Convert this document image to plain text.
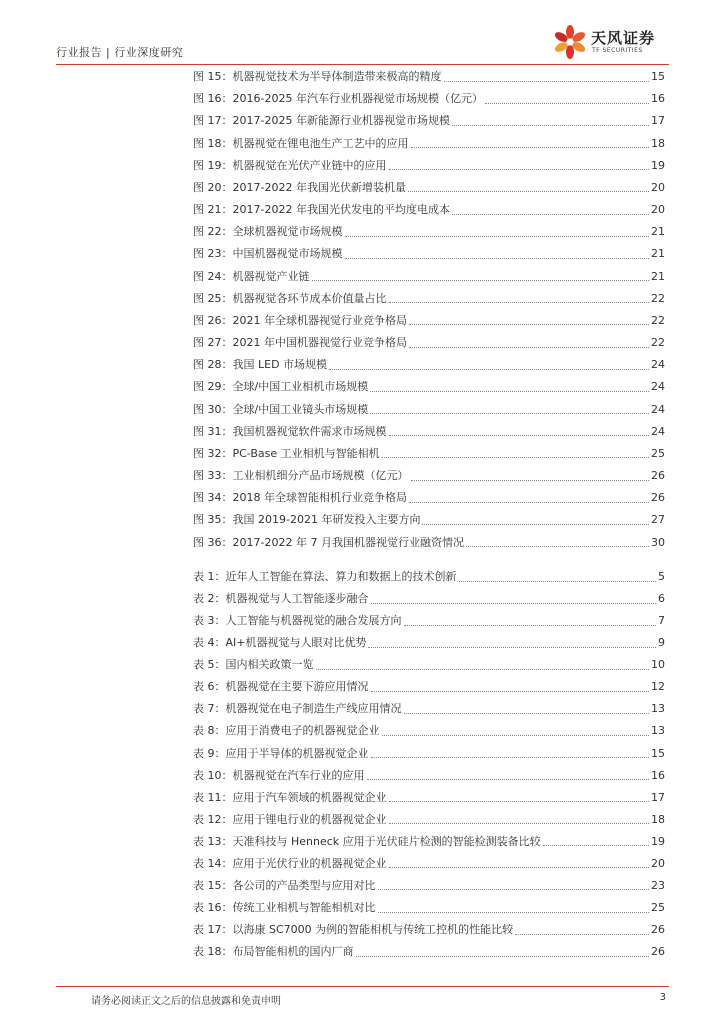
行业报告 | 行业深度研究
天风证券
TF SECURITIES
图 15：机器视觉技术为半导体制造带来极高的精度	15
图 16：2016-2025 年汽车行业机器视觉市场规模（亿元）	16
图 17：2017-2025 年新能源行业机器视觉市场规模	17
图 18：机器视觉在锂电池生产工艺中的应用	18
图 19：机器视觉在光伏产业链中的应用	19
图 20：2017-2022 年我国光伏新增装机量	20
图 21：2017-2022 年我国光伏发电的平均度电成本	20
图 22：全球机器视觉市场规模	21
图 23：中国机器视觉市场规模	21
图 24：机器视觉产业链	21
图 25：机器视觉各环节成本价值量占比	22
图 26：2021 年全球机器视觉行业竞争格局	22
图 27：2021 年中国机器视觉行业竞争格局	22
图 28：我国 LED 市场规模	24
图 29：全球/中国工业相机市场规模	24
图 30：全球/中国工业镜头市场规模	24
图 31：我国机器视觉软件需求市场规模	24
图 32：PC-Base 工业相机与智能相机	25
图 33：工业相机细分产品市场规模（亿元）	26
图 34：2018 年全球智能相机行业竞争格局	26
图 35：我国 2019-2021 年研发投入主要方向	27
图 36：2017-2022 年 7 月我国机器视觉行业融资情况	30
表 1：近年人工智能在算法、算力和数据上的技术创新	5
表 2：机器视觉与人工智能逐步融合	6
表 3：人工智能与机器视觉的融合发展方向	7
表 4：AI+机器视觉与人眼对比优势	9
表 5：国内相关政策一览	10
表 6：机器视觉在主要下游应用情况	12
表 7：机器视觉在电子制造生产线应用情况	13
表 8：应用于消费电子的机器视觉企业	13
表 9：应用于半导体的机器视觉企业	15
表 10：机器视觉在汽车行业的应用	16
表 11：应用于汽车领域的机器视觉企业	17
表 12：应用于锂电行业的机器视觉企业	18
表 13：天准科技与 Henneck 应用于光伏硅片检测的智能检测装备比较	19
表 14：应用于光伏行业的机器视觉企业	20
表 15：各公司的产品类型与应用对比	23
表 16：传统工业相机与智能相机对比	25
表 17：以海康 SC7000 为例的智能相机与传统工控机的性能比较	26
表 18：布局智能相机的国内厂商	26
请务必阅读正文之后的信息披露和免责申明	3
